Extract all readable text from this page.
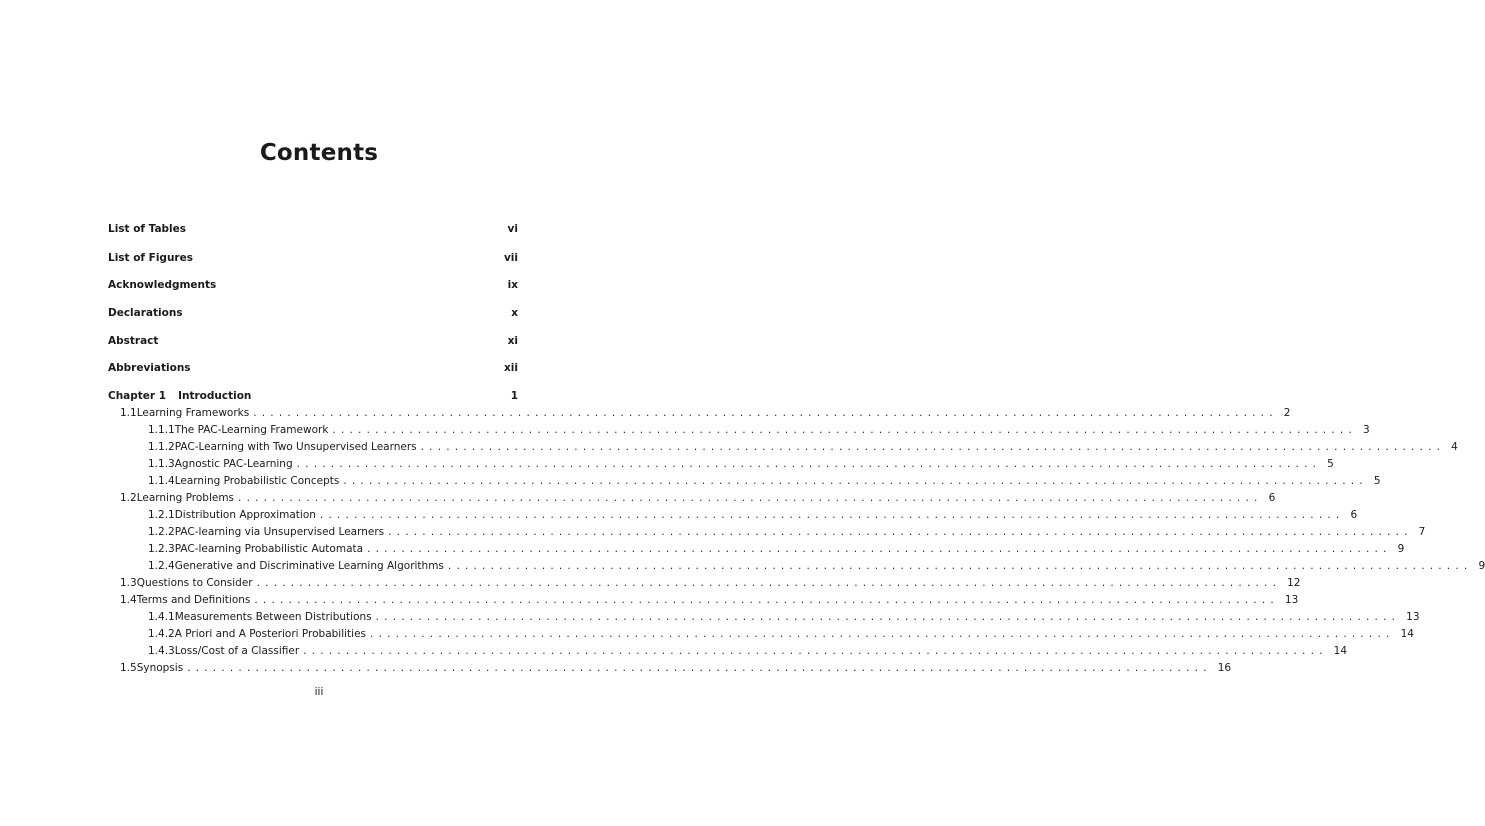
Contents
List of Tables	vi
List of Figures	vii
Acknowledgments	ix
Declarations	x
Abstract	xi
Abbreviations	xii
Chapter 1 Introduction	1
1.1 Learning Frameworks ........................................................................................................................ 2
1.1.1 The PAC-Learning Framework ........................................................................................................................ 3
1.1.2 PAC-Learning with Two Unsupervised Learners ........................................................................................................................ 4
1.1.3 Agnostic PAC-Learning ........................................................................................................................ 5
1.1.4 Learning Probabilistic Concepts ........................................................................................................................ 5
1.2 Learning Problems ........................................................................................................................ 6
1.2.1 Distribution Approximation ........................................................................................................................ 6
1.2.2 PAC-learning via Unsupervised Learners ........................................................................................................................ 7
1.2.3 PAC-learning Probabilistic Automata ........................................................................................................................ 9
1.2.4 Generative and Discriminative Learning Algorithms ........................................................................................................................ 9
1.3 Questions to Consider ........................................................................................................................ 12
1.4 Terms and Definitions ........................................................................................................................ 13
1.4.1 Measurements Between Distributions ........................................................................................................................ 13
1.4.2 A Priori and A Posteriori Probabilities ........................................................................................................................ 14
1.4.3 Loss/Cost of a Classifier ........................................................................................................................ 14
1.5 Synopsis ........................................................................................................................ 16
iii
